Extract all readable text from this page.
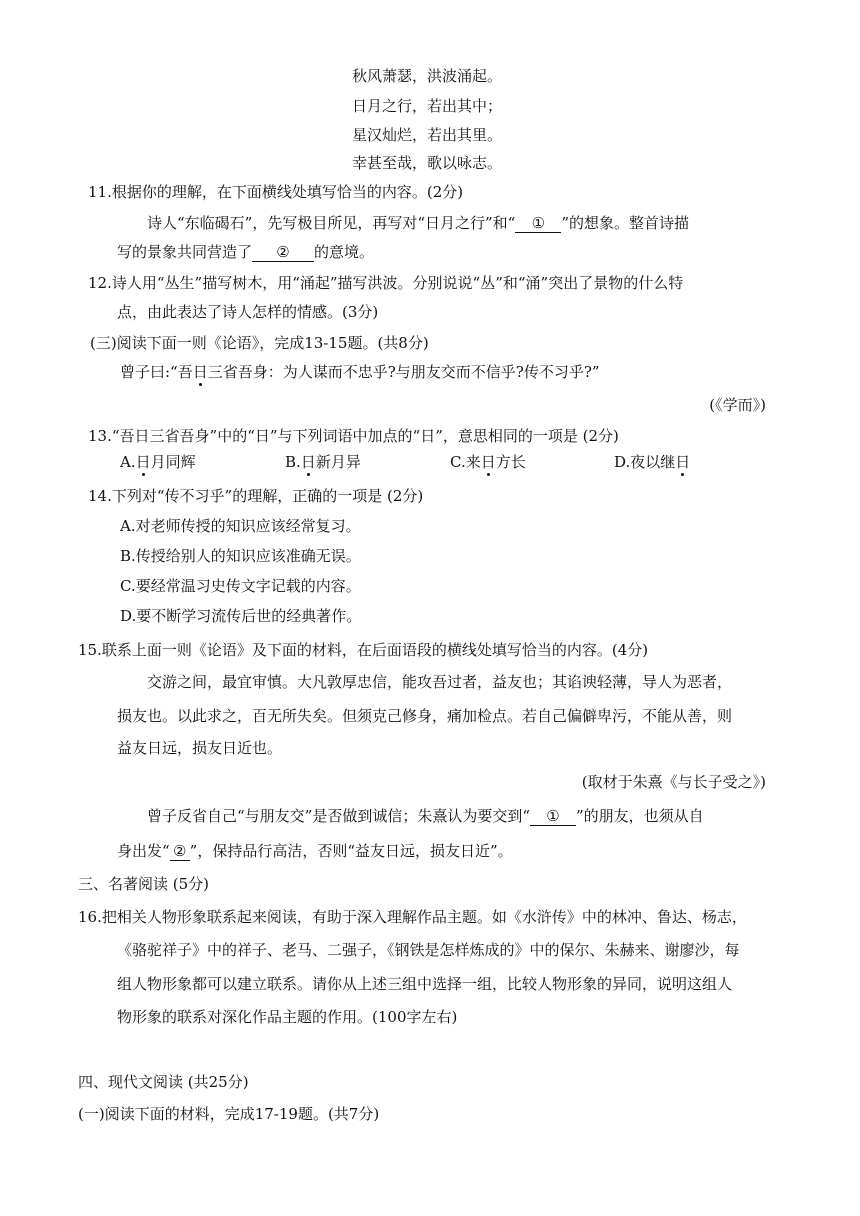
秋风萧瑟，洪波涌起。
日月之行，若出其中；
星汉灿烂，若出其里。
幸甚至哉，歌以咏志。
11.根据你的理解，在下面横线处填写恰当的内容。(2分)
诗人“东临碣石”，先写极目所见，再写对“日月之行”和“ ① ”的想象。整首诗描
写的景象共同营造了 ② 的意境。
12.诗人用“丛生”描写树木，用“涌起”描写洪波。分别说说“丛”和“涌”突出了景物的什么特
点，由此表达了诗人怎样的情感。(3分)
(三)阅读下面一则《论语》，完成13-15题。(共8分)
曾子曰:“吾日三省吾身：为人谋而不忠乎?与朋友交而不信乎?传不习乎?”
(《学而》)
13.“吾日三省吾身”中的“日”与下列词语中加点的“日”，意思相同的一项是 (2分)
A.日月同辉	B.日新月异	C.来日方长	D.夜以继日
14.下列对“传不习乎”的理解，正确的一项是 (2分)
A.对老师传授的知识应该经常复习。
B.传授给别人的知识应该准确无误。
C.要经常温习史传文字记载的内容。
D.要不断学习流传后世的经典著作。
15.联系上面一则《论语》及下面的材料，在后面语段的横线处填写恰当的内容。(4分)
交游之间，最宜审慎。大凡敦厚忠信，能攻吾过者，益友也；其谄谀轻薄，导人为恶者，
损友也。以此求之，百无所失矣。但须克己修身，痛加检点。若自己偏僻卑污，不能从善，则
益友日远，损友日近也。
(取材于朱熹《与长子受之》)
曾子反省自己“与朋友交”是否做到诚信；朱熹认为要交到“ ① ”的朋友，也须从自
身出发“ ② ”，保持品行高洁，否则“益友日远，损友日近”。
三、名著阅读 (5分)
16.把相关人物形象联系起来阅读，有助于深入理解作品主题。如《水浒传》中的林冲、鲁达、杨志，
《骆驼祥子》中的祥子、老马、二强子，《钢铁是怎样炼成的》中的保尔、朱赫来、谢廖沙，每
组人物形象都可以建立联系。请你从上述三组中选择一组，比较人物形象的异同，说明这组人
物形象的联系对深化作品主题的作用。(100字左右)
四、现代文阅读 (共25分)
(一)阅读下面的材料，完成17-19题。(共7分)
